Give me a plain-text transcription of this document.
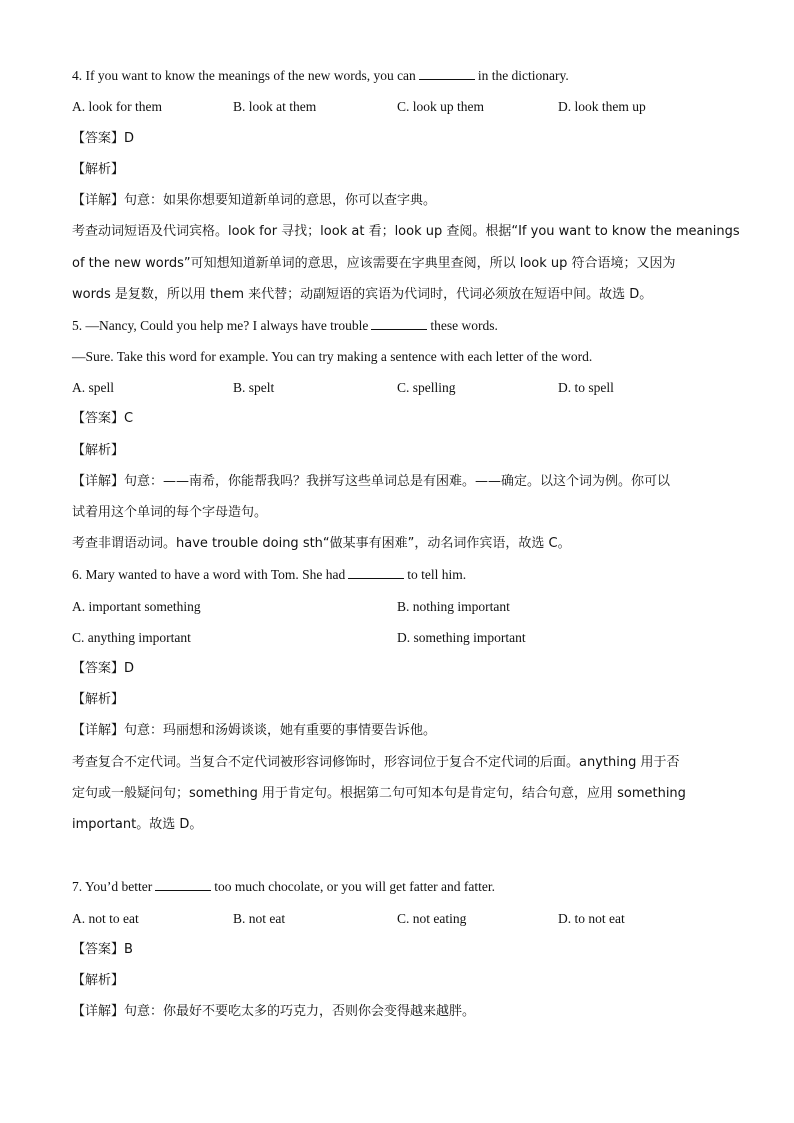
4. If you want to know the meanings of the new words, you can	in the dictionary.
A. look for them	B. look at them	C. look up them	D. look them up
【答案】D
【解析】
【详解】句意：如果你想要知道新单词的意思，你可以查字典。
考查动词短语及代词宾格。look for 寻找；look at 看；look up 查阅。根据“If you want to know the meanings
of the new words”可知想知道新单词的意思，应该需要在字典里查阅，所以 look up 符合语境；又因为
words 是复数，所以用 them 来代替；动副短语的宾语为代词时，代词必须放在短语中间。故选 D。
5. —Nancy, Could you help me? I always have trouble	these words.
—Sure. Take this word for example. You can try making a sentence with each letter of the word.
A. spell	B. spelt	C. spelling	D. to spell
【答案】C
【解析】
【详解】句意：——南希，你能帮我吗？我拼写这些单词总是有困难。——确定。以这个词为例。你可以
试着用这个单词的每个字母造句。
考查非谓语动词。have trouble doing sth“做某事有困难”，动名词作宾语，故选 C。
6. Mary wanted to have a word with Tom. She had	to tell him.
A. important something	B. nothing important
C. anything important	D. something important
【答案】D
【解析】
【详解】句意：玛丽想和汤姆谈谈，她有重要的事情要告诉他。
考查复合不定代词。当复合不定代词被形容词修饰时，形容词位于复合不定代词的后面。anything 用于否
定句或一般疑问句；something 用于肯定句。根据第二句可知本句是肯定句，结合句意，应用 something
important。故选 D。
7. You’d better	too much chocolate, or you will get fatter and fatter.
A. not to eat	B. not eat	C. not eating	D. to not eat
【答案】B
【解析】
【详解】句意：你最好不要吃太多的巧克力，否则你会变得越来越胖。
